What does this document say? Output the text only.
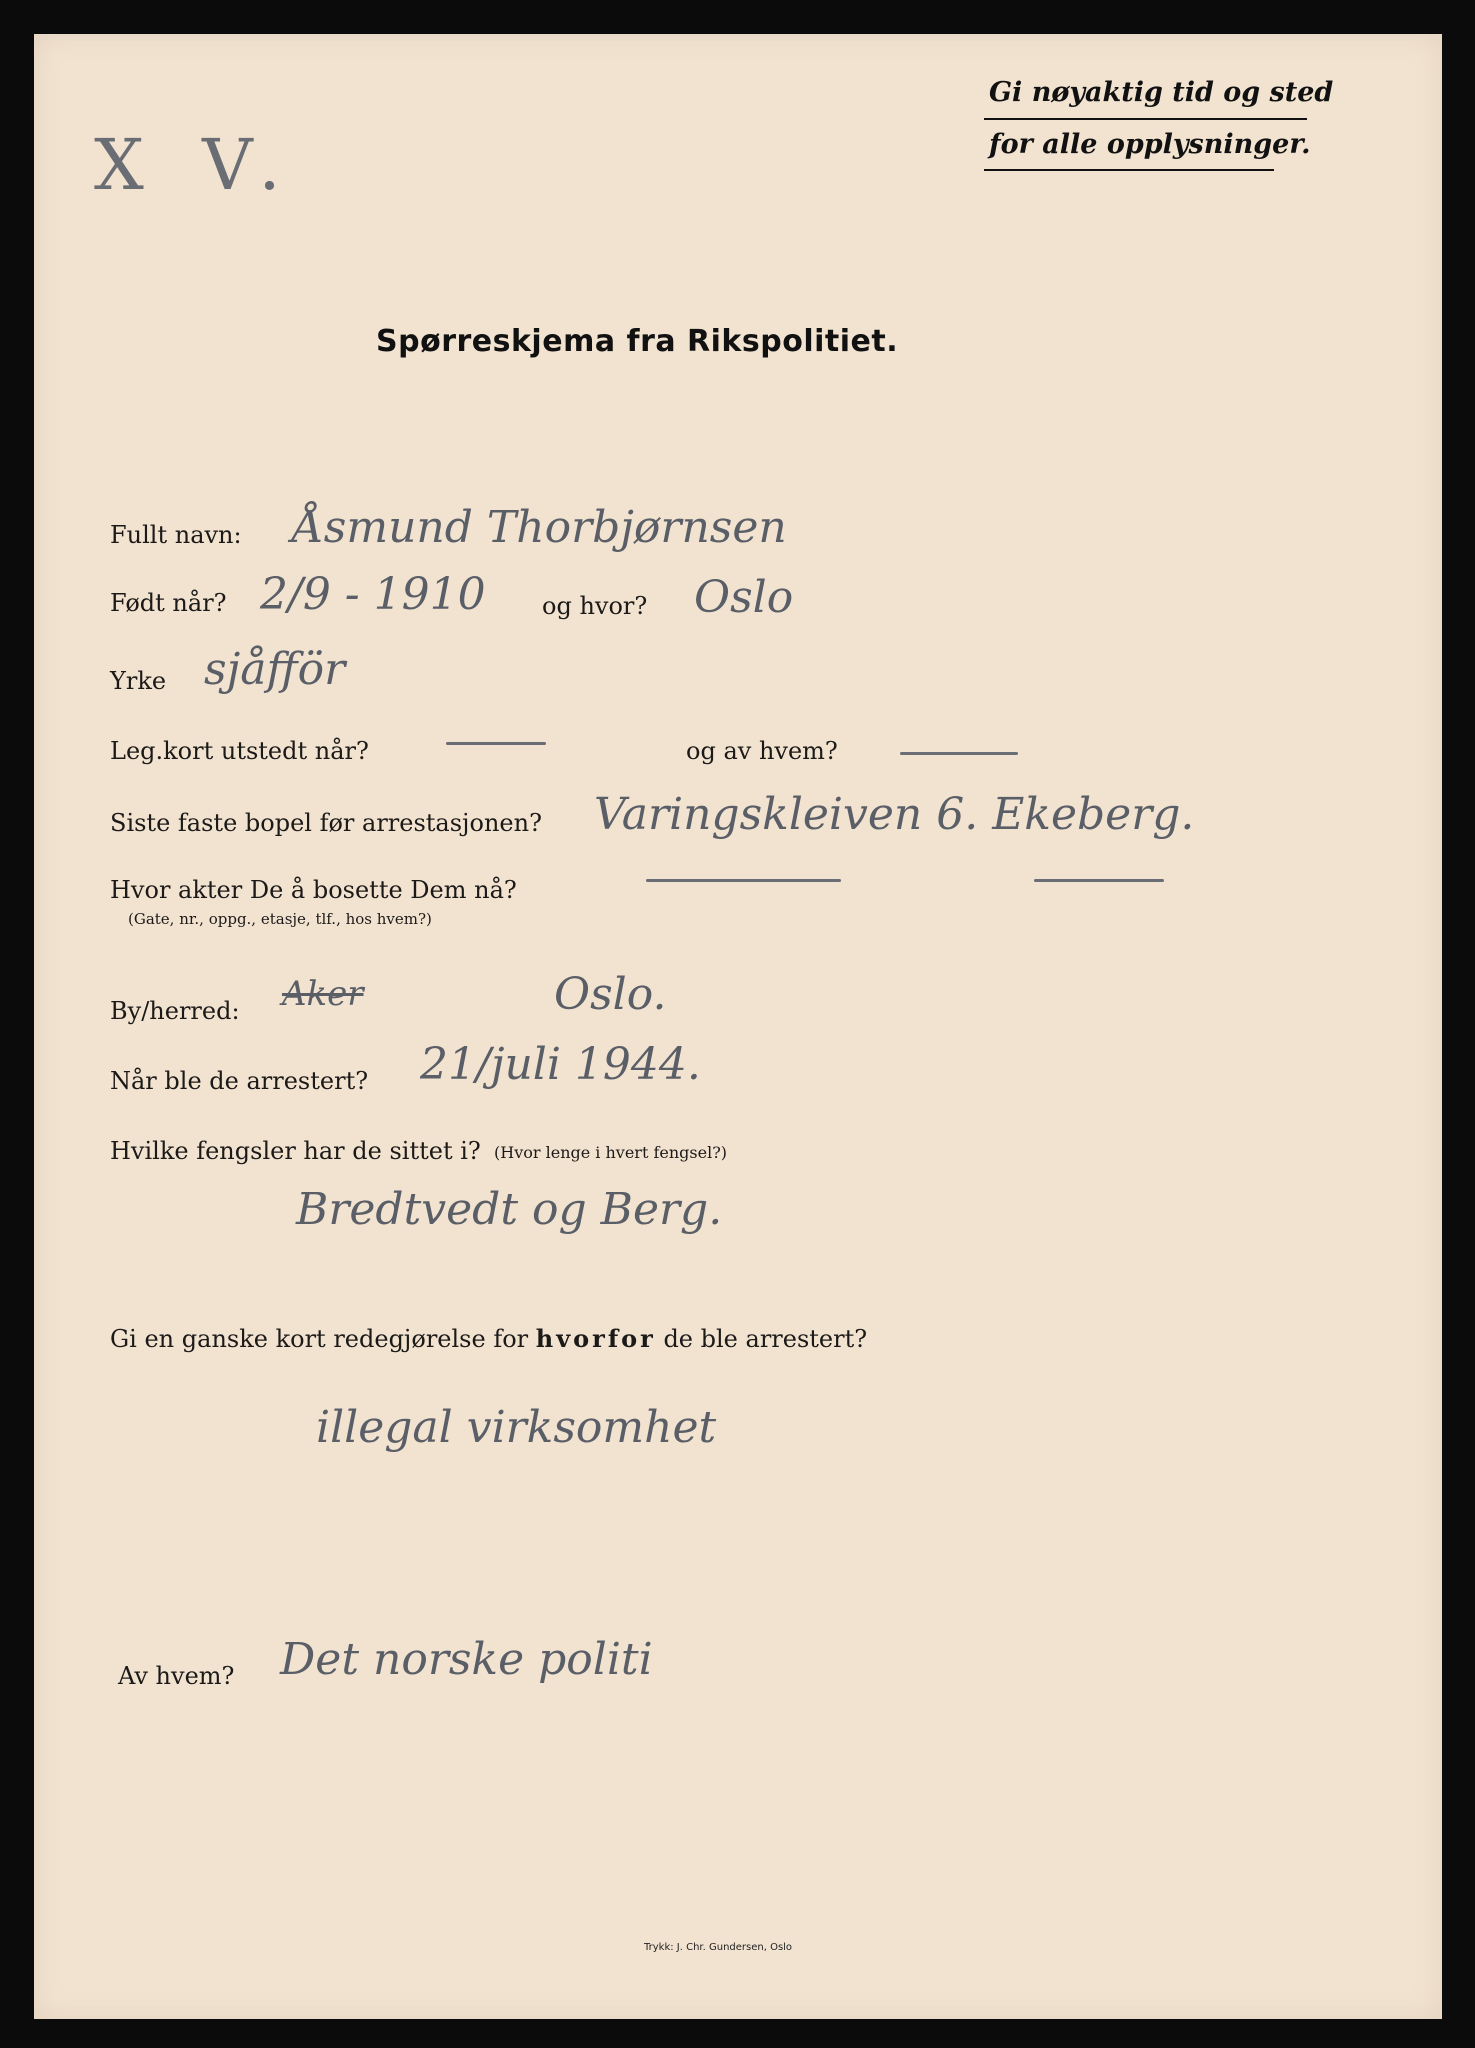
X V.
Gi nøyaktig tid og sted
for alle opplysninger.
Spørreskjema fra Rikspolitiet.
Fullt navn: Åsmund Thorbjørnsen
Født når? 2/9 - 1910 og hvor? Oslo
Yrke sjåfför
Leg.kort utstedt når?	og av hvem?
Siste faste bopel før arrestasjonen? Varingskleiven 6. Ekeberg.
Hvor akter De å bosette Dem nå?
(Gate, nr., oppg., etasje, tlf., hos hvem?)
By/herred: Aker	Oslo.
Når ble de arrestert? 21/juli 1944.
Hvilke fengsler har de sittet i? (Hvor lenge i hvert fengsel?)
Bredtvedt og Berg.
Gi en ganske kort redegjørelse for hvorfor de ble arrestert?
illegal virksomhet
Av hvem? Det norske politi
Trykk: J. Chr. Gundersen, Oslo
